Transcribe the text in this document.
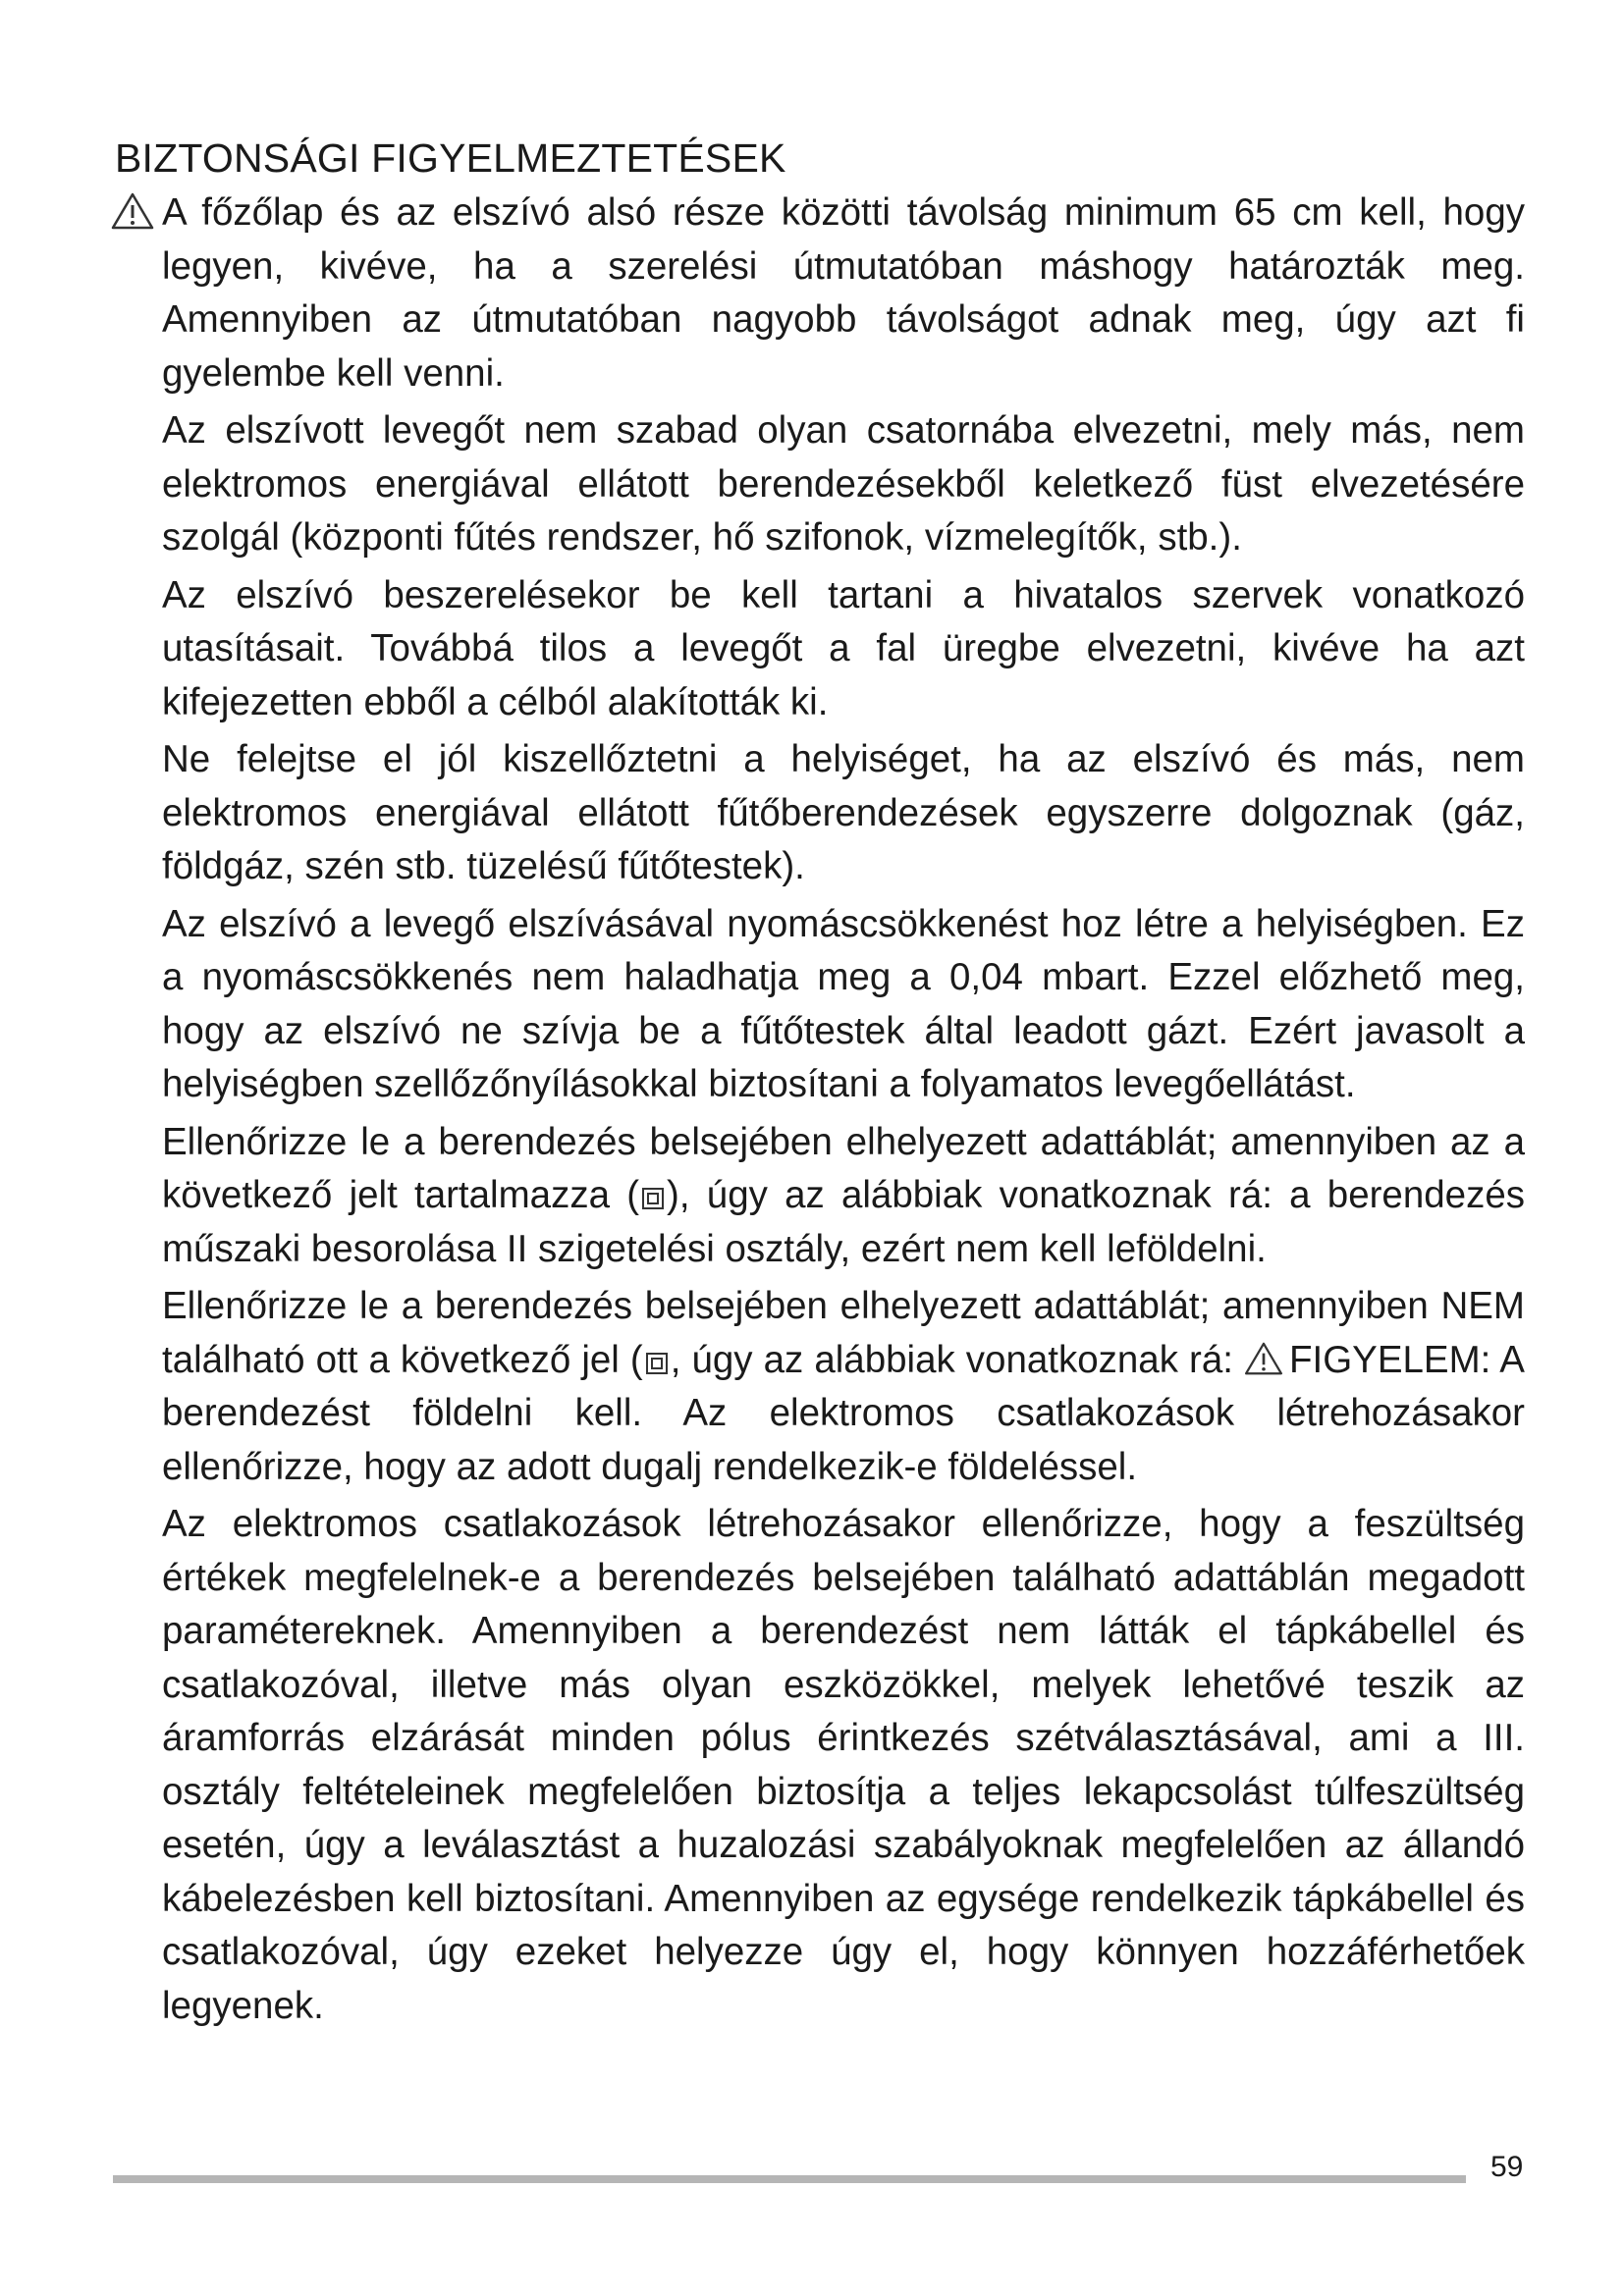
BIZTONSÁGI FIGYELMEZTETÉSEK

A főzőlap és az elszívó alsó része közötti távolság minimum 65 cm kell, hogy legyen, kivéve, ha a szerelési útmutatóban máshogy határozták meg. Amennyiben az útmutatóban nagyobb távolságot adnak meg, úgy azt fi gyelembe kell venni.

Az elszívott levegőt nem szabad olyan csatornába elvezetni, mely más, nem elektromos energiával ellátott berendezésekből keletkező füst elvezetésére szolgál (központi fűtés rendszer, hő szifonok, vízmelegítők, stb.).

Az elszívó beszerelésekor be kell tartani a hivatalos szervek vonatkozó utasításait. Továbbá tilos a levegőt a fal üregbe elvezetni, kivéve ha azt kifejezetten ebből a célból alakították ki.

Ne felejtse el jól kiszellőztetni a helyiséget, ha az elszívó és más, nem elektromos energiával ellátott fűtőberendezések egyszerre dolgoznak (gáz, földgáz, szén stb. tüzelésű fűtőtestek).

Az elszívó a levegő elszívásával nyomáscsökkenést hoz létre a helyiségben. Ez a nyomáscsökkenés nem haladhatja meg a 0,04 mbart. Ezzel előzhető meg, hogy az elszívó ne szívja be a fűtőtestek által leadott gázt. Ezért javasolt a helyiségben szellőzőnyílásokkal biztosítani a folyamatos levegőellátást.

Ellenőrizze le a berendezés belsejében elhelyezett adattáblát; amennyiben az a következő jelt tartalmazza ( ), úgy az alábbiak vonatkoznak rá: a berendezés műszaki besorolása II szigetelési osztály, ezért nem kell leföldelni.

Ellenőrizze le a berendezés belsejében elhelyezett adattáblát; amennyiben NEM található ott a következő jel ( , úgy az alábbiak vonatkoznak rá: FIGYELEM: A berendezést földelni kell. Az elektromos csatlakozások létrehozásakor ellenőrizze, hogy az adott dugalj rendelkezik-e földeléssel.

Az elektromos csatlakozások létrehozásakor ellenőrizze, hogy a feszültség értékek megfelelnek-e a berendezés belsejében található adattáblán megadott paramétereknek. Amennyiben a berendezést nem látták el tápkábellel és csatlakozóval, illetve más olyan eszközökkel, melyek lehetővé teszik az áramforrás elzárását minden pólus érintkezés szétválasztásával, ami a III. osztály feltételeinek megfelelően biztosítja a teljes lekapcsolást túlfeszültség esetén, úgy a leválasztást a huzalozási szabályoknak megfelelően az állandó kábelezésben kell biztosítani. Amennyiben az egysége rendelkezik tápkábellel és csatlakozóval, úgy ezeket helyezze úgy el, hogy könnyen hozzáférhetőek legyenek.

59
